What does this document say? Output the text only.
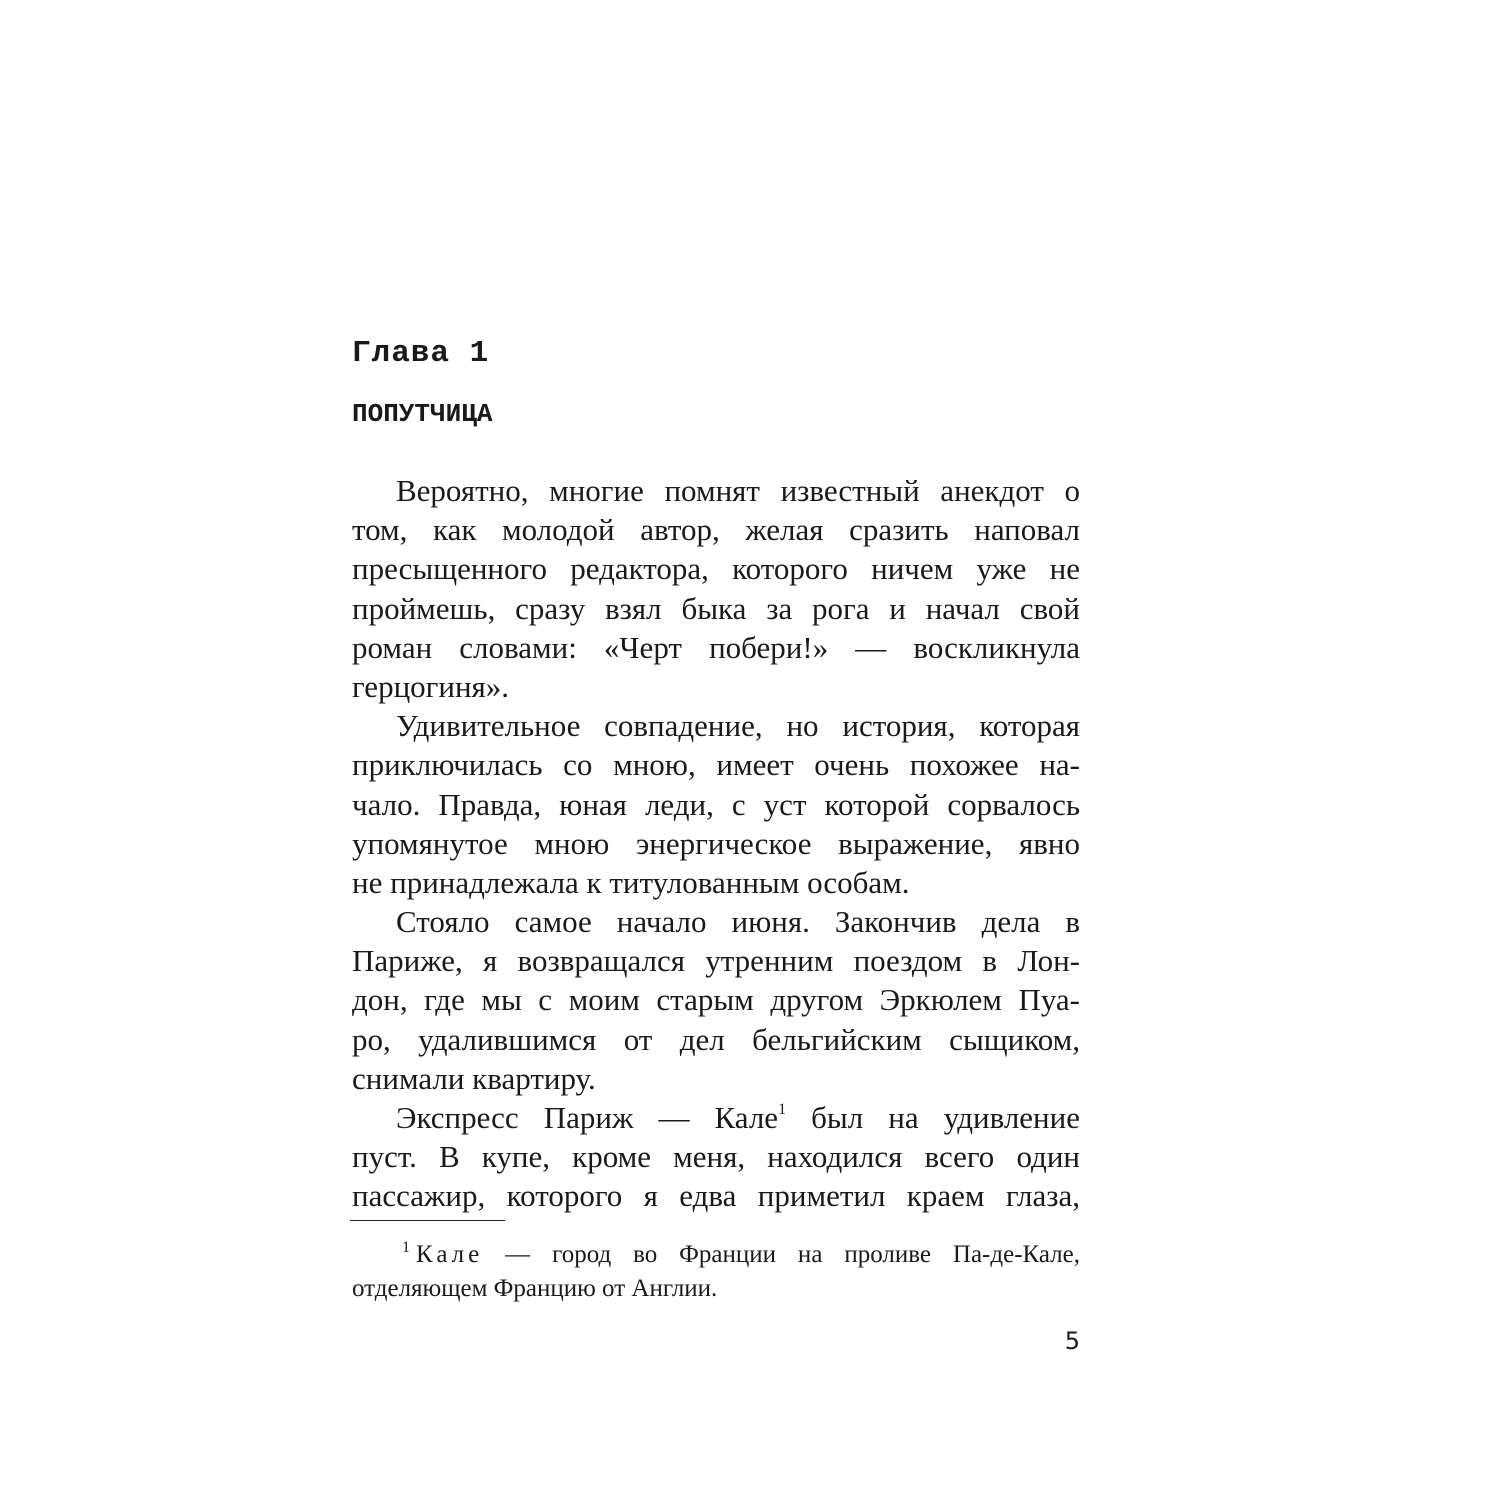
Глава 1
ПОПУТЧИЦА
Вероятно, многие помнят известный анекдот о
том, как молодой автор, желая сразить наповал
пресыщенного редактора, которого ничем уже не
проймешь, сразу взял быка за рога и начал свой
роман словами: «Черт побери!» — воскликнула
герцогиня».
Удивительное совпадение, но история, которая
приключилась со мною, имеет очень похожее на-
чало. Правда, юная леди, с уст которой сорвалось
упомянутое мною энергическое выражение, явно
не принадлежала к титулованным особам.
Стояло самое начало июня. Закончив дела в
Париже, я возвращался утренним поездом в Лон-
дон, где мы с моим старым другом Эркюлем Пуа-
ро, удалившимся от дел бельгийским сыщиком,
снимали квартиру.
Экспресс Париж — Кале$^1$ был на удивление
пуст. В купе, кроме меня, находился всего один
пассажир, которого я едва приметил краем глаза,
$^1$ Кале — город во Франции на проливе Па-де-Кале,
отделяющем Францию от Англии.
5
